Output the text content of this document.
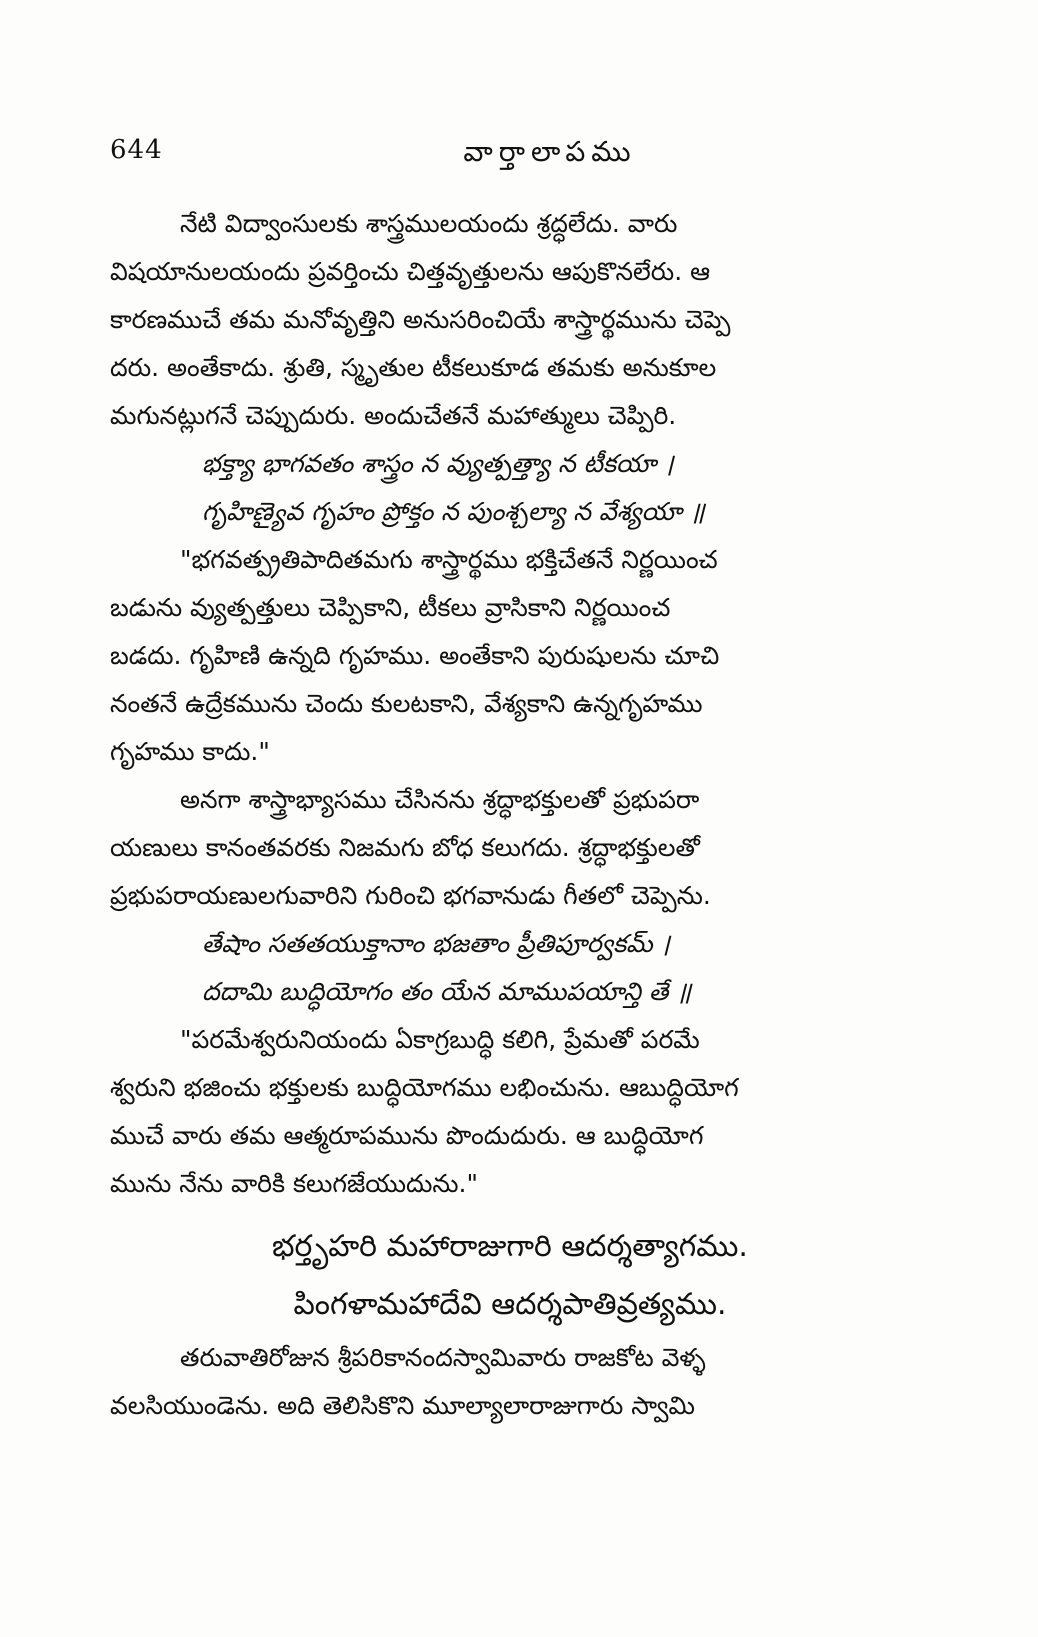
644	వార్తాలాపము
నేటి విద్వాంసులకు శాస్త్రములయందు శ్రద్ధలేదు. వారు
విషయానులయందు ప్రవర్తించు చిత్తవృత్తులను ఆపుకొనలేరు. ఆ
కారణముచే తమ మనోవృత్తిని అనుసరించియే శాస్త్రార్థమును చెప్పె
దరు. అంతేకాదు. శ్రుతి, స్మృతుల టీకలుకూడ తమకు అనుకూల
మగునట్లుగనే చెప్పుదురు. అందుచేతనే మహాత్ములు చెప్పిరి.
భక్త్యా భాగవతం శాస్త్రం న వ్యుత్పత్త్యా న టీకయా ।
గృహిణ్యైవ గృహం ప్రోక్తం న పుంశ్చల్యా న వేశ్యయా ॥
"భగవత్ప్రతిపాదితమగు శాస్త్రార్థము భక్తిచేతనే నిర్ణయించ
బడును వ్యుత్పత్తులు చెప్పికాని, టీకలు వ్రాసికాని నిర్ణయించ
బడదు. గృహిణి ఉన్నది గృహము. అంతేకాని పురుషులను చూచి
నంతనే ఉద్రేకమును చెందు కులటకాని, వేశ్యకాని ఉన్నగృహము
గృహము కాదు."
అనగా శాస్త్రాభ్యాసము చేసినను శ్రద్ధాభక్తులతో ప్రభుపరా
యణులు కానంతవరకు నిజమగు బోధ కలుగదు. శ్రద్ధాభక్తులతో
ప్రభుపరాయణులగువారిని గురించి భగవానుడు గీతలో చెప్పెను.
తేషాం సతతయుక్తానాం భజతాం ప్రీతిపూర్వకమ్ ।
దదామి బుద్ధియోగం తం యేన మాముపయాన్తి తే ॥
"పరమేశ్వరునియందు ఏకాగ్రబుద్ధి కలిగి, ప్రేమతో పరమే
శ్వరుని భజించు భక్తులకు బుద్ధియోగము లభించును. ఆబుద్ధియోగ
ముచే వారు తమ ఆత్మరూపమును పొందుదురు. ఆ బుద్ధియోగ
మును నేను వారికి కలుగజేయుదును."
భర్తృహరి మహారాజుగారి ఆదర్శత్యాగము.
పింగళామహాదేవి ఆదర్శపాతివ్రత్యము.
తరువాతిరోజున శ్రీపరికానందస్వామివారు రాజకోట వెళ్ళ
వలసియుండెను. అది తెలిసికొని మూల్యాలారాజుగారు స్వామి
